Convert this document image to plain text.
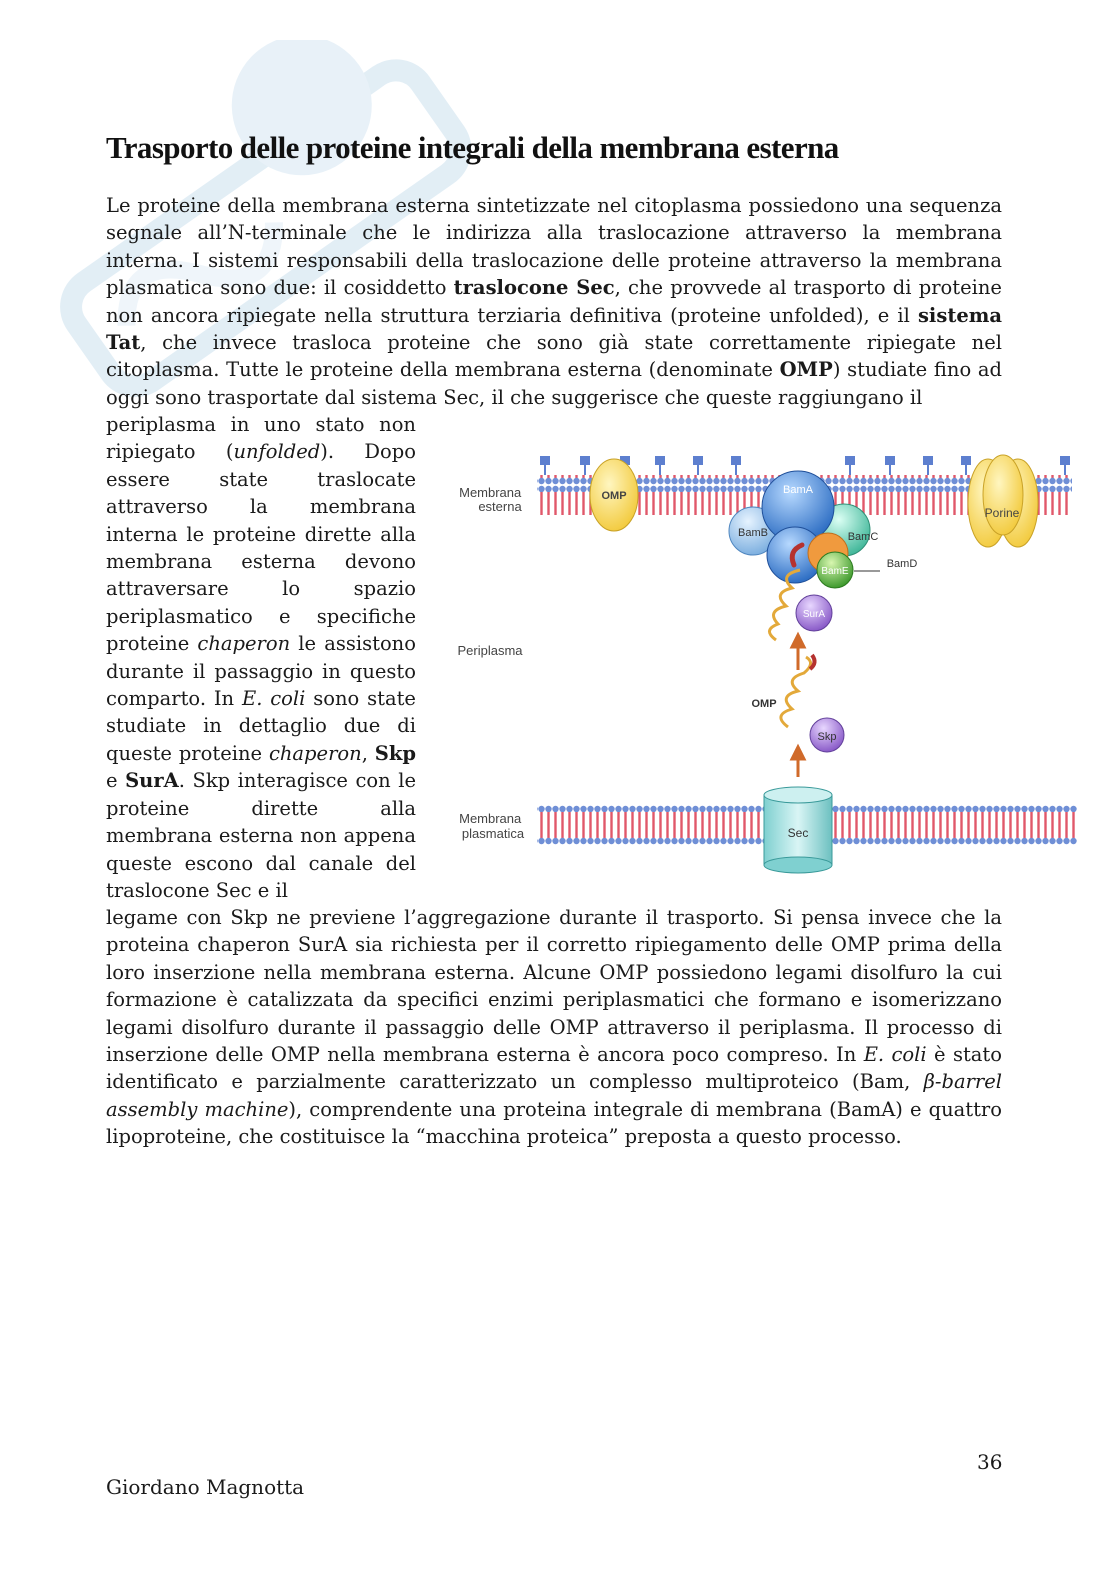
Trasporto delle proteine integrali della membrana esterna

Le proteine della membrana esterna sintetizzate nel citoplasma possiedono una sequenza segnale all’N-terminale che le indirizza alla traslocazione attraverso la membrana interna. I sistemi responsabili della traslocazione delle proteine attraverso la membrana plasmatica sono due: il cosiddetto traslocone Sec, che provvede al trasporto di proteine non ancora ripiegate nella struttura terziaria definitiva (proteine unfolded), e il sistema Tat, che invece trasloca proteine che sono già state correttamente ripiegate nel citoplasma. Tutte le proteine della membrana esterna (denominate OMP) studiate fino ad oggi sono trasportate dal sistema Sec, il che suggerisce che queste raggiungano il

periplasma in uno stato non ripiegato (unfolded). Dopo essere state traslocate attraverso la membrana interna le proteine dirette alla membrana esterna devono attraversare lo spazio periplasmatico e specifiche proteine chaperon le assistono durante il passaggio in questo comparto. In E. coli sono state studiate in dettaglio due di queste proteine chaperon, Skp e SurA. Skp interagisce con le proteine dirette alla membrana esterna non appena queste escono dal canale del traslocone Sec e il

OMP
Porine
BamA
BamB	BamC
BamE
BamD
SurA
OMP
Skp
Sec
Membrana esterna
Periplasma
Membrana plasmatica

legame con Skp ne previene l’aggregazione durante il trasporto. Si pensa invece che la proteina chaperon SurA sia richiesta per il corretto ripiegamento delle OMP prima della loro inserzione nella membrana esterna. Alcune OMP possiedono legami disolfuro la cui formazione è catalizzata da specifici enzimi periplasmatici che formano e isomerizzano legami disolfuro durante il passaggio delle OMP attraverso il periplasma. Il processo di inserzione delle OMP nella membrana esterna è ancora poco compreso. In E. coli è stato identificato e parzialmente caratterizzato un complesso multiproteico (Bam, β-barrel assembly machine), comprendente una proteina integrale di membrana (BamA) e quattro lipoproteine, che costituisce la “macchina proteica” preposta a questo processo.

36
Giordano Magnotta
